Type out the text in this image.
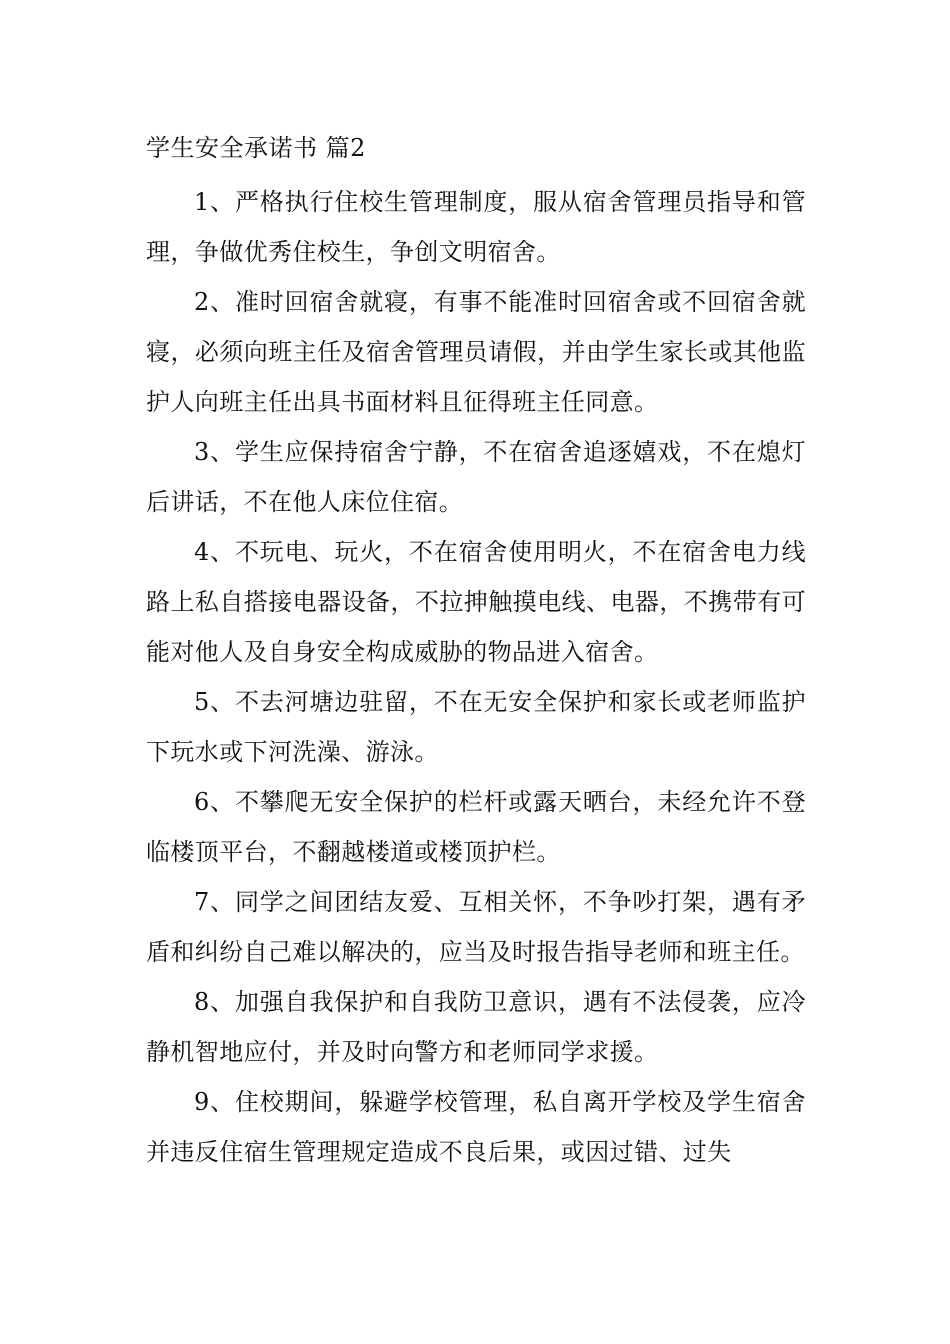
学生安全承诺书 篇2

1、严格执行住校生管理制度，服从宿舍管理员指导和管理，争做优秀住校生，争创文明宿舍。

2、准时回宿舍就寝，有事不能准时回宿舍或不回宿舍就寝，必须向班主任及宿舍管理员请假，并由学生家长或其他监护人向班主任出具书面材料且征得班主任同意。

3、学生应保持宿舍宁静，不在宿舍追逐嬉戏，不在熄灯后讲话，不在他人床位住宿。

4、不玩电、玩火，不在宿舍使用明火，不在宿舍电力线路上私自搭接电器设备，不拉抻触摸电线、电器，不携带有可能对他人及自身安全构成威胁的物品进入宿舍。

5、不去河塘边驻留，不在无安全保护和家长或老师监护下玩水或下河洗澡、游泳。

6、不攀爬无安全保护的栏杆或露天晒台，未经允许不登临楼顶平台，不翻越楼道或楼顶护栏。

7、同学之间团结友爱、互相关怀，不争吵打架，遇有矛盾和纠纷自己难以解决的，应当及时报告指导老师和班主任。

8、加强自我保护和自我防卫意识，遇有不法侵袭，应冷静机智地应付，并及时向警方和老师同学求援。

9、住校期间，躲避学校管理，私自离开学校及学生宿舍并违反住宿生管理规定造成不良后果，或因过错、过失
